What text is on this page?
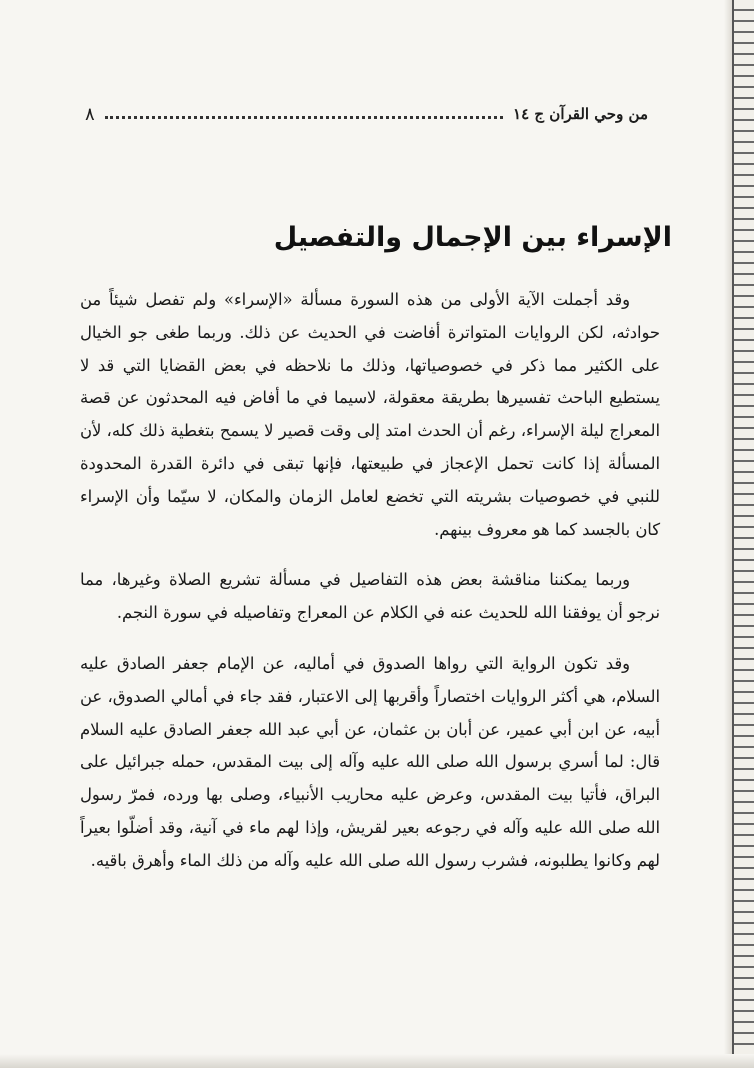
من وحي القرآن ج ١٤
٨
الإسراء بين الإجمال والتفصيل

وقد أجملت الآية الأولى من هذه السورة مسألة «الإسراء» ولم تفصل شيئاً من حوادثه، لكن الروايات المتواترة أفاضت في الحديث عن ذلك. وربما طغى جو الخيال على الكثير مما ذكر في خصوصياتها، وذلك ما نلاحظه في بعض القضايا التي قد لا يستطيع الباحث تفسيرها بطريقة معقولة، لاسيما في ما أفاض فيه المحدثون عن قصة المعراج ليلة الإسراء، رغم أن الحدث امتد إلى وقت قصير لا يسمح بتغطية ذلك كله، لأن المسألة إذا كانت تحمل الإعجاز في طبيعتها، فإنها تبقى في دائرة القدرة المحدودة للنبي في خصوصيات بشريته التي تخضع لعامل الزمان والمكان، لا سيّما وأن الإسراء كان بالجسد كما هو معروف بينهم.

وربما يمكننا مناقشة بعض هذه التفاصيل في مسألة تشريع الصلاة وغيرها، مما نرجو أن يوفقنا الله للحديث عنه في الكلام عن المعراج وتفاصيله في سورة النجم.

وقد تكون الرواية التي رواها الصدوق في أماليه، عن الإمام جعفر الصادق عليه السلام، هي أكثر الروايات اختصاراً وأقربها إلى الاعتبار، فقد جاء في أمالي الصدوق، عن أبيه، عن ابن أبي عمير، عن أبان بن عثمان، عن أبي عبد الله جعفر الصادق عليه السلام قال: لما أسري برسول الله صلى الله عليه وآله إلى بيت المقدس، حمله جبرائيل على البراق، فأتيا بيت المقدس، وعرض عليه محاريب الأنبياء، وصلى بها ورده، فمرّ رسول الله صلى الله عليه وآله في رجوعه بعير لقريش، وإذا لهم ماء في آنية، وقد أضلّوا بعيراً لهم وكانوا يطلبونه، فشرب رسول الله صلى الله عليه وآله من ذلك الماء وأهرق باقيه.
